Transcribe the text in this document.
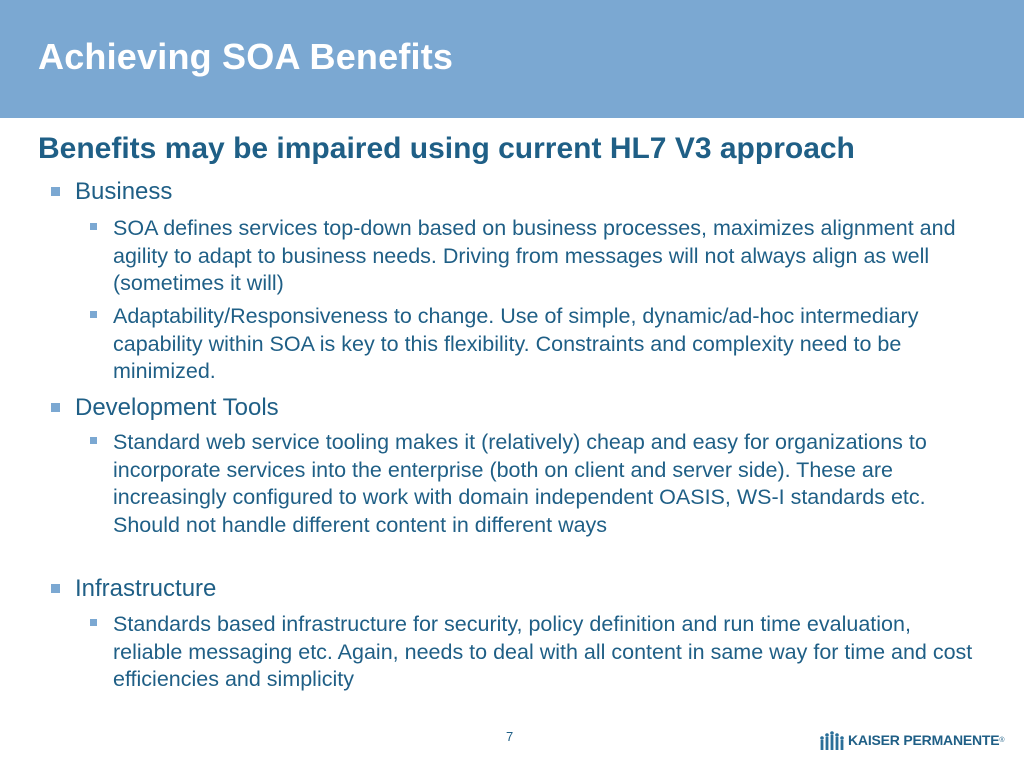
Achieving SOA Benefits
Benefits may be impaired using current HL7 V3 approach
Business
SOA defines services top-down based on business processes, maximizes alignment and agility to adapt to business needs. Driving from messages will not always align as well (sometimes it will)
Adaptability/Responsiveness to change. Use of simple, dynamic/ad-hoc intermediary capability within SOA is key to this flexibility. Constraints and complexity need to be minimized.
Development Tools
Standard web service tooling makes it (relatively) cheap and easy for organizations to incorporate services into the enterprise (both on client and server side). These are increasingly configured to work with domain independent OASIS, WS-I standards etc. Should not handle different content in different ways
Infrastructure
Standards based infrastructure for security, policy definition and run time evaluation, reliable messaging etc. Again, needs to deal with all content in same way for time and cost efficiencies and simplicity
7	KAISER PERMANENTE ®
